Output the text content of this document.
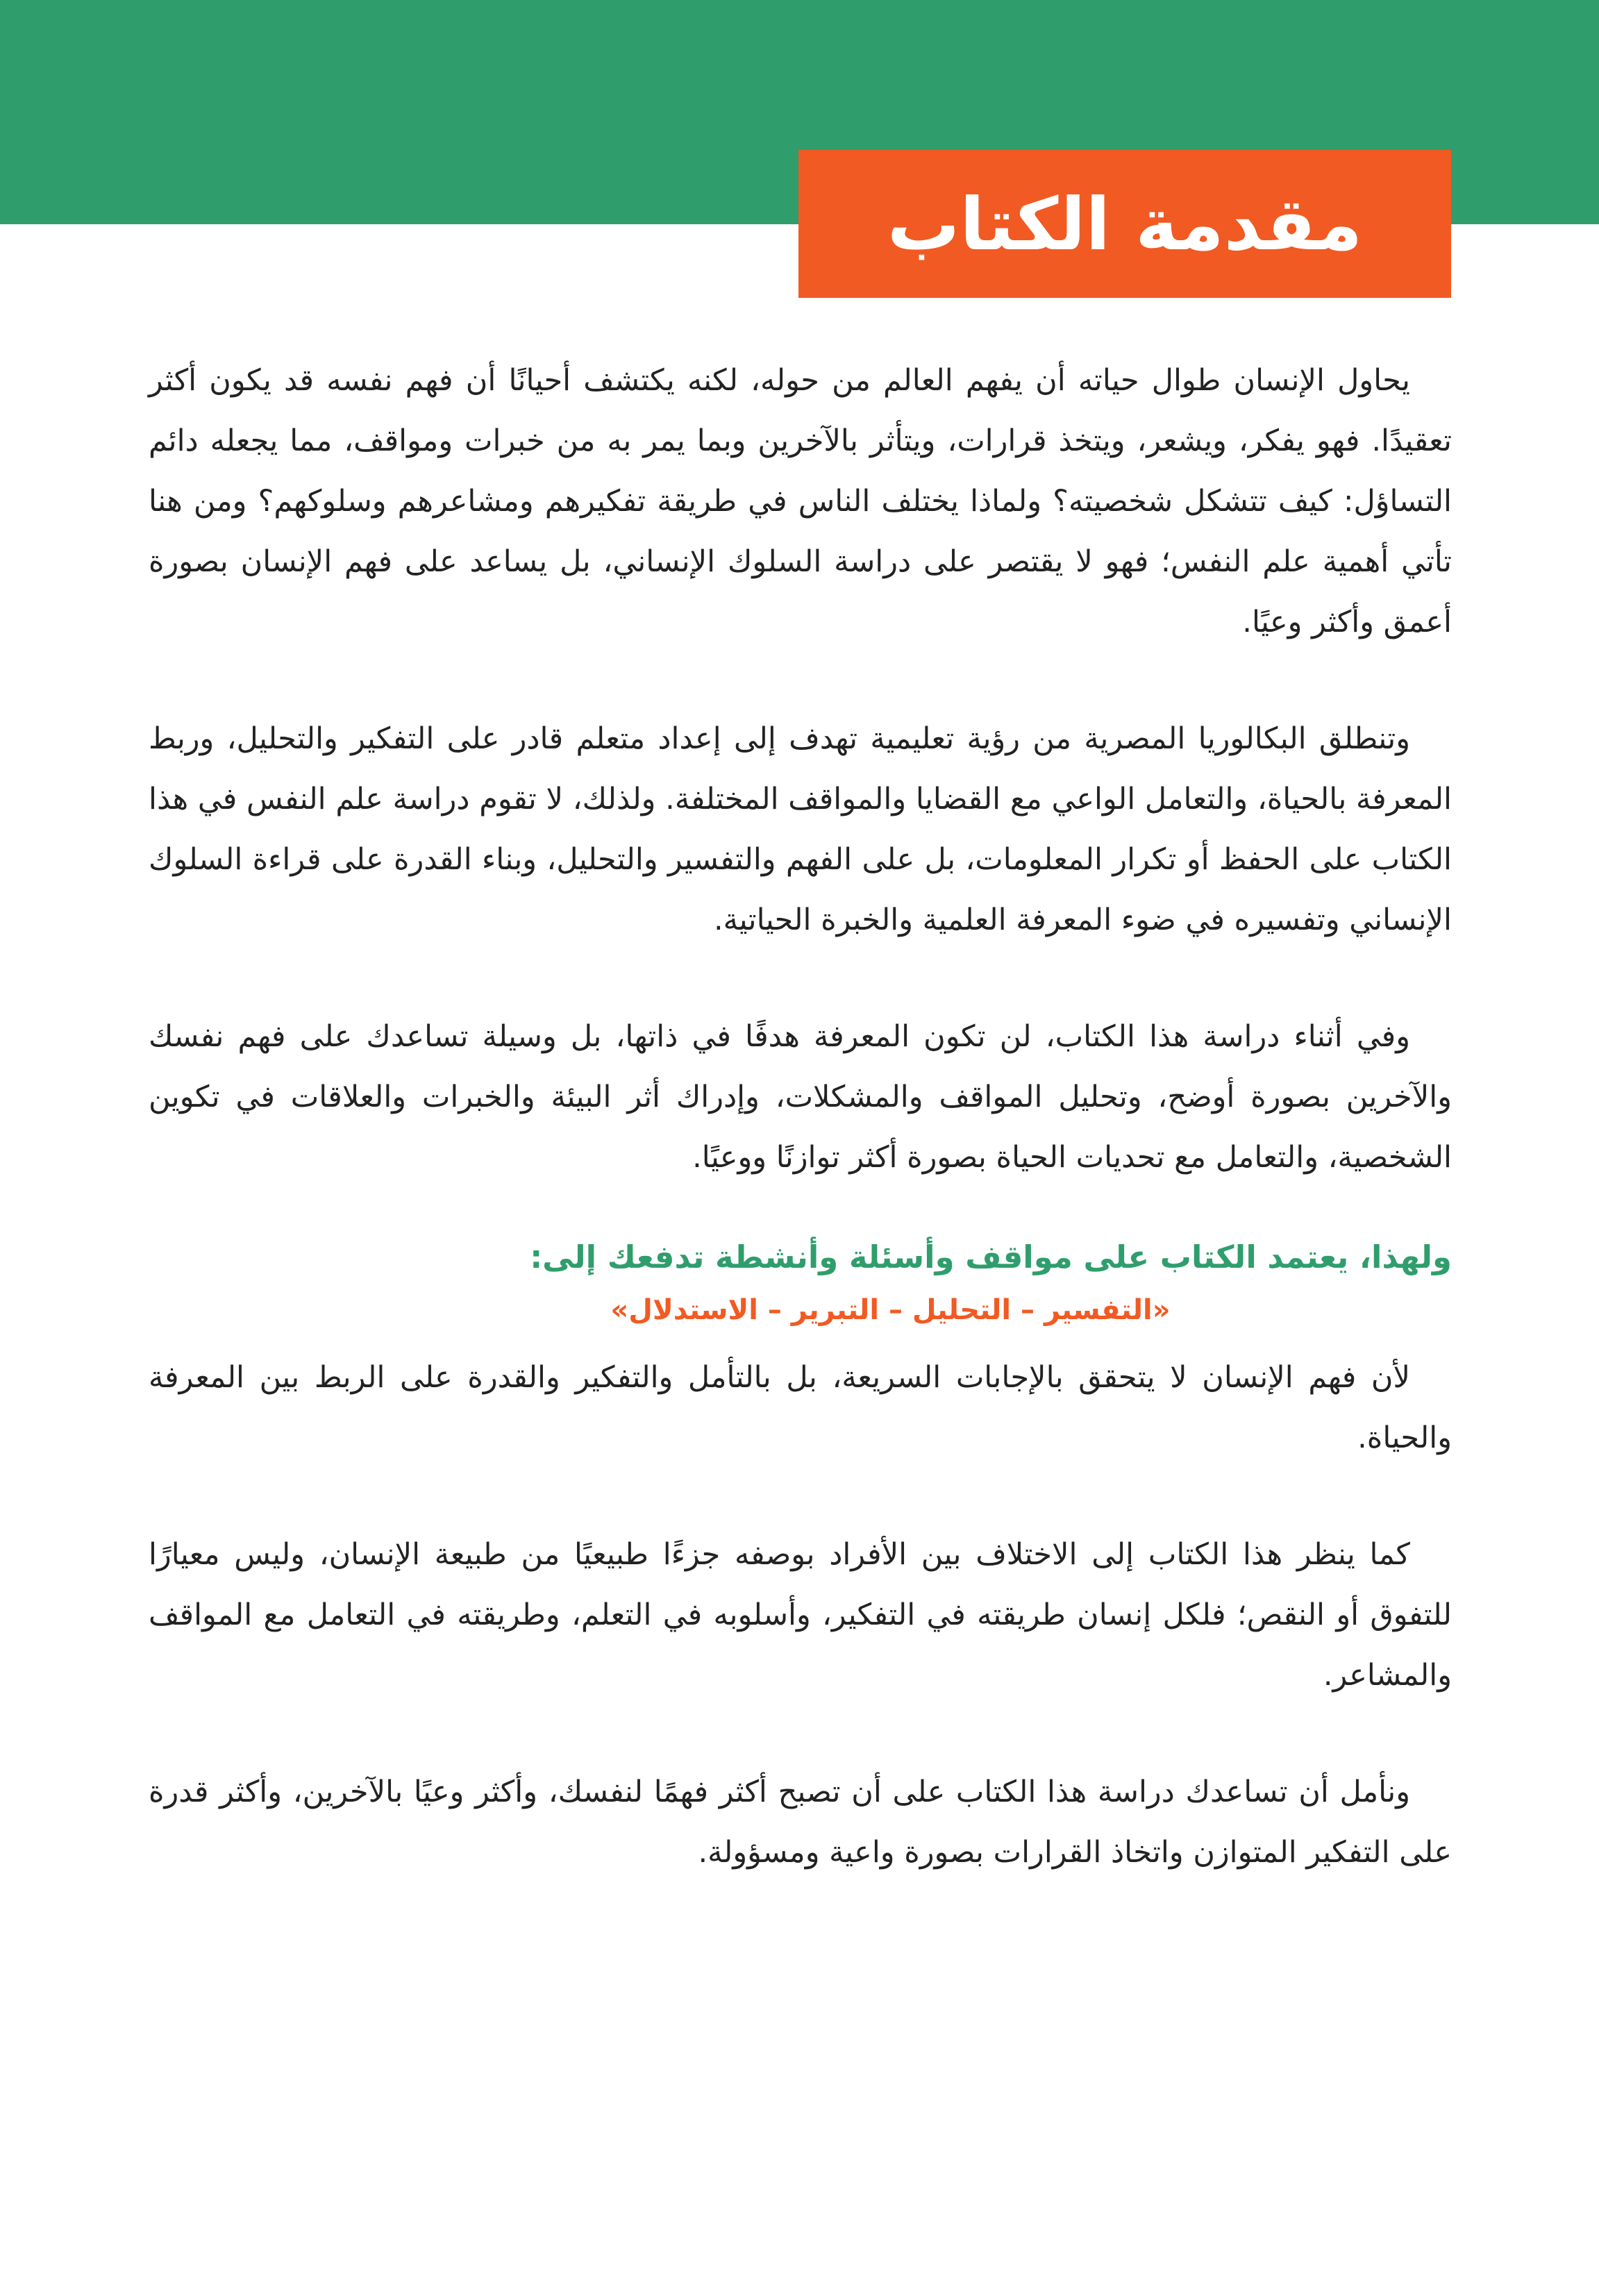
مقدمة الكتاب

يحاول الإنسان طوال حياته أن يفهم العالم من حوله، لكنه يكتشف أحيانًا أن فهم نفسه قد يكون أكثر تعقيدًا. فهو يفكر، ويشعر، ويتخذ قرارات، ويتأثر بالآخرين وبما يمر به من خبرات ومواقف، مما يجعله دائم التساؤل: كيف تتشكل شخصيته؟ ولماذا يختلف الناس في طريقة تفكيرهم ومشاعرهم وسلوكهم؟ ومن هنا تأتي أهمية علم النفس؛ فهو لا يقتصر على دراسة السلوك الإنساني، بل يساعد على فهم الإنسان بصورة أعمق وأكثر وعيًا.

وتنطلق البكالوريا المصرية من رؤية تعليمية تهدف إلى إعداد متعلم قادر على التفكير والتحليل، وربط المعرفة بالحياة، والتعامل الواعي مع القضايا والمواقف المختلفة. ولذلك، لا تقوم دراسة علم النفس في هذا الكتاب على الحفظ أو تكرار المعلومات، بل على الفهم والتفسير والتحليل، وبناء القدرة على قراءة السلوك الإنساني وتفسيره في ضوء المعرفة العلمية والخبرة الحياتية.

وفي أثناء دراسة هذا الكتاب، لن تكون المعرفة هدفًا في ذاتها، بل وسيلة تساعدك على فهم نفسك والآخرين بصورة أوضح، وتحليل المواقف والمشكلات، وإدراك أثر البيئة والخبرات والعلاقات في تكوين الشخصية، والتعامل مع تحديات الحياة بصورة أكثر توازنًا ووعيًا.

ولهذا، يعتمد الكتاب على مواقف وأسئلة وأنشطة تدفعك إلى:

«التفسير – التحليل – التبرير – الاستدلال»

لأن فهم الإنسان لا يتحقق بالإجابات السريعة، بل بالتأمل والتفكير والقدرة على الربط بين المعرفة والحياة.

كما ينظر هذا الكتاب إلى الاختلاف بين الأفراد بوصفه جزءًا طبيعيًا من طبيعة الإنسان، وليس معيارًا للتفوق أو النقص؛ فلكل إنسان طريقته في التفكير، وأسلوبه في التعلم، وطريقته في التعامل مع المواقف والمشاعر.

ونأمل أن تساعدك دراسة هذا الكتاب على أن تصبح أكثر فهمًا لنفسك، وأكثر وعيًا بالآخرين، وأكثر قدرة على التفكير المتوازن واتخاذ القرارات بصورة واعية ومسؤولة.
